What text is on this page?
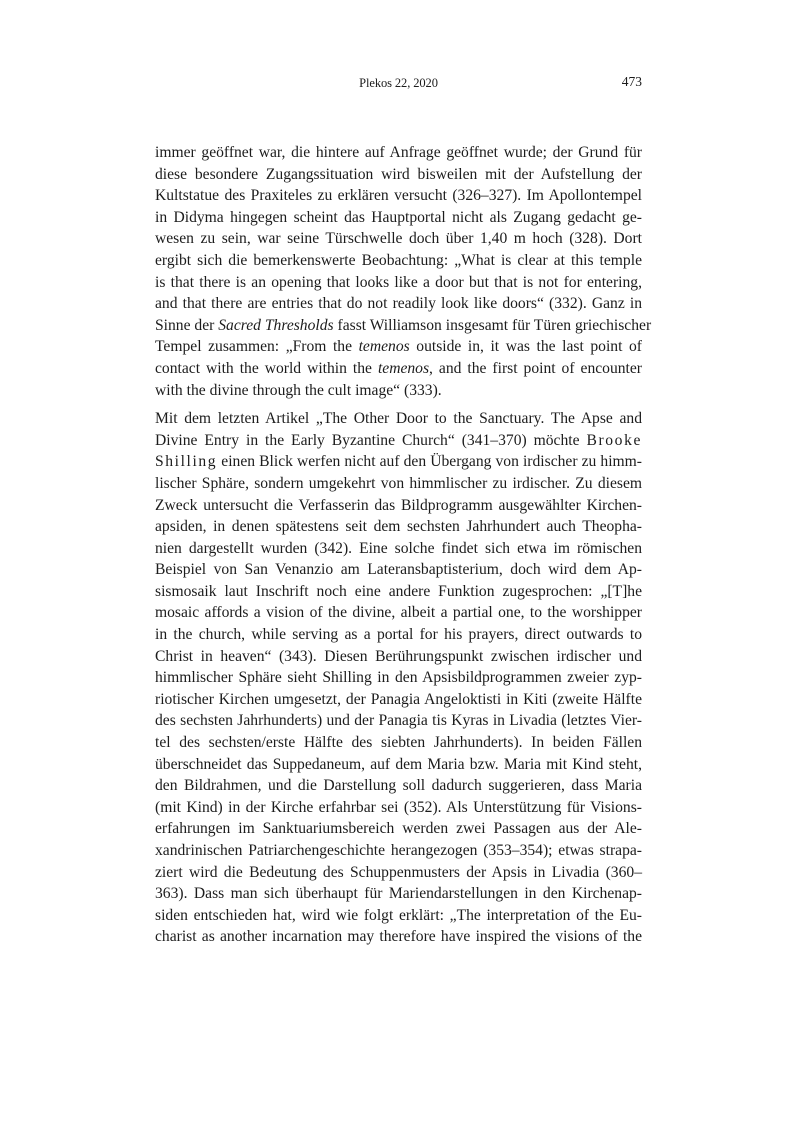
Plekos 22, 2020	473
immer geöffnet war, die hintere auf Anfrage geöffnet wurde; der Grund für
diese besondere Zugangssituation wird bisweilen mit der Aufstellung der
Kultstatue des Praxiteles zu erklären versucht (326–327). Im Apollontempel
in Didyma hingegen scheint das Hauptportal nicht als Zugang gedacht ge-
wesen zu sein, war seine Türschwelle doch über 1,40 m hoch (328). Dort
ergibt sich die bemerkenswerte Beobachtung: „What is clear at this temple
is that there is an opening that looks like a door but that is not for entering,
and that there are entries that do not readily look like doors“ (332). Ganz in
Sinne der Sacred Thresholds fasst Williamson insgesamt für Türen griechischer
Tempel zusammen: „From the temenos outside in, it was the last point of
contact with the world within the temenos, and the first point of encounter
with the divine through the cult image“ (333).
Mit dem letzten Artikel „The Other Door to the Sanctuary. The Apse and
Divine Entry in the Early Byzantine Church“ (341–370) möchte Brooke
Shilling einen Blick werfen nicht auf den Übergang von irdischer zu himm-
lischer Sphäre, sondern umgekehrt von himmlischer zu irdischer. Zu diesem
Zweck untersucht die Verfasserin das Bildprogramm ausgewählter Kirchen-
apsiden, in denen spätestens seit dem sechsten Jahrhundert auch Theopha-
nien dargestellt wurden (342). Eine solche findet sich etwa im römischen
Beispiel von San Venanzio am Lateransbaptisterium, doch wird dem Ap-
sismosaik laut Inschrift noch eine andere Funktion zugesprochen: „[T]he
mosaic affords a vision of the divine, albeit a partial one, to the worshipper
in the church, while serving as a portal for his prayers, direct outwards to
Christ in heaven“ (343). Diesen Berührungspunkt zwischen irdischer und
himmlischer Sphäre sieht Shilling in den Apsisbildprogrammen zweier zyp-
riotischer Kirchen umgesetzt, der Panagia Angeloktisti in Kiti (zweite Hälfte
des sechsten Jahrhunderts) und der Panagia tis Kyras in Livadia (letztes Vier-
tel des sechsten/erste Hälfte des siebten Jahrhunderts). In beiden Fällen
überschneidet das Suppedaneum, auf dem Maria bzw. Maria mit Kind steht,
den Bildrahmen, und die Darstellung soll dadurch suggerieren, dass Maria
(mit Kind) in der Kirche erfahrbar sei (352). Als Unterstützung für Visions-
erfahrungen im Sanktuariumsbereich werden zwei Passagen aus der Ale-
xandrinischen Patriarchengeschichte herangezogen (353–354); etwas strapa-
ziert wird die Bedeutung des Schuppenmusters der Apsis in Livadia (360–
363). Dass man sich überhaupt für Mariendarstellungen in den Kirchenap-
siden entschieden hat, wird wie folgt erklärt: „The interpretation of the Eu-
charist as another incarnation may therefore have inspired the visions of the
